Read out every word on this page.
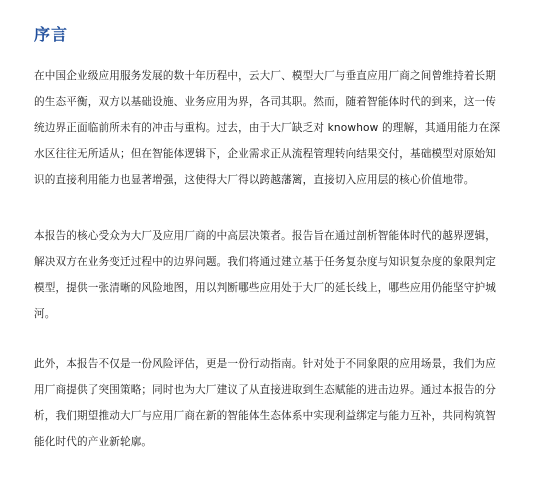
序言
在中国企业级应用服务发展的数十年历程中，云大厂、模型大厂与垂直应用厂商之间曾维持着长期
的生态平衡，双方以基础设施、业务应用为界，各司其职。然而，随着智能体时代的到来，这一传
统边界正面临前所未有的冲击与重构。过去，由于大厂缺乏对 knowhow 的理解，其通用能力在深
水区往往无所适从；但在智能体逻辑下，企业需求正从流程管理转向结果交付，基础模型对原始知
识的直接利用能力也显著增强，这使得大厂得以跨越藩篱，直接切入应用层的核心价值地带。
本报告的核心受众为大厂及应用厂商的中高层决策者。报告旨在通过剖析智能体时代的越界逻辑，
解决双方在业务变迁过程中的边界问题。我们将通过建立基于任务复杂度与知识复杂度的象限判定
模型，提供一张清晰的风险地图，用以判断哪些应用处于大厂的延长线上，哪些应用仍能坚守护城
河。
此外，本报告不仅是一份风险评估，更是一份行动指南。针对处于不同象限的应用场景，我们为应
用厂商提供了突围策略；同时也为大厂建议了从直接进取到生态赋能的进击边界。通过本报告的分
析，我们期望推动大厂与应用厂商在新的智能体生态体系中实现利益绑定与能力互补，共同构筑智
能化时代的产业新轮廓。
